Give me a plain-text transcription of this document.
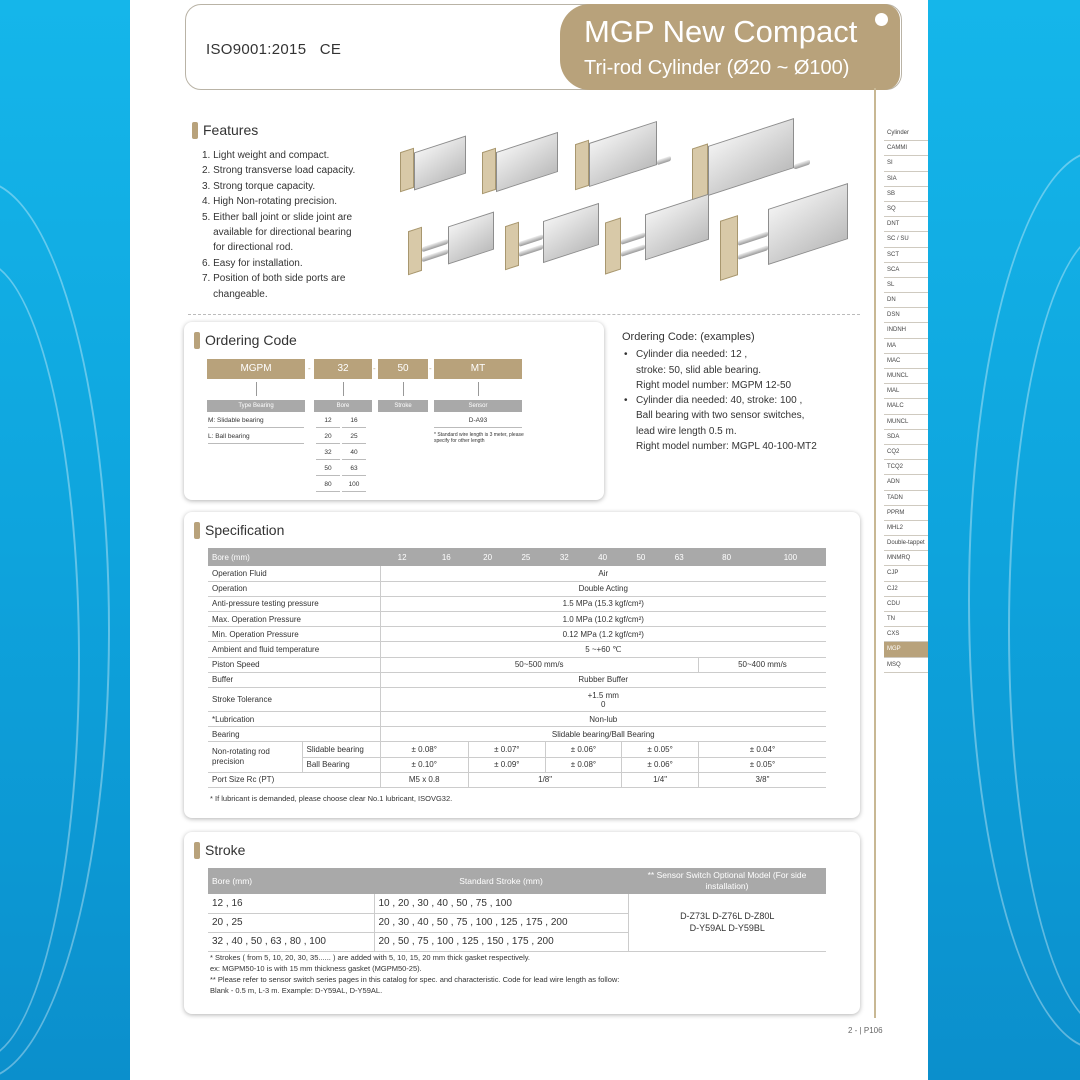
ISO9001:2015 CE
MGP New Compact
Tri-rod Cylinder (Ø20 ~ Ø100)
Cylinder
CAMMI
SI
SIA
SB
SQ
DNT
SC / SU
SCT
SCA
SL
DN
DSN
INDNH
MA
MAC
MUNCL
MAL
MALC
MUNCL
SDA
CQ2
TCQ2
ADN
TADN
PPRM
MHL2
Double-tappet
MNMRQ
CJP
CJ2
CDU
TN
CXS
MGP
MSQ
Features
1. Light weight and compact.
2. Strong transverse load capacity.
3. Strong torque capacity.
4. High Non-rotating precision.
5. Either ball joint or slide joint are
available for directional bearing
for directional rod.
6. Easy for installation.
7. Position of both side ports are
changeable.
Ordering Code
MGPM	32	50	MT
-	-	-
Type Bearing	Bore	Stroke	Sensor
M: Slidable bearing
L: Ball bearing
12	16
20	25
32	40
50	63
80	100
D-A93
* Standard wire length is 3 meter, please specify for other length
Ordering Code: (examples)
• Cylinder dia needed: 12 ,
stroke: 50, slid able bearing.
Right model number: MGPM 12-50
• Cylinder dia needed: 40, stroke: 100 ,
Ball bearing with two sensor switches,
lead wire length 0.5 m.
Right model number: MGPL 40-100-MT2
Specification
Bore (mm)		12	16	20	25	32	40	50	63	80	100
Operation Fluid		Air									
Operation		Double Acting									
Anti-pressure testing pressure		1.5 MPa (15.3 kgf/cm²)									
Max. Operation Pressure		1.0 MPa (10.2 kgf/cm²)									
Min. Operation Pressure		0.12 MPa (1.2 kgf/cm²)									
Ambient and fluid temperature		5 ~+60 ℃									
Piston Speed		50~500 mm/s								50~400 mm/s	
Buffer		Rubber Buffer									
Stroke Tolerance		+1.5 mm
0									

*Lubrication		Non-lub									
Bearing		Slidable bearing/Ball Bearing									
Non-rotating rod precision	Slidable bearing	± 0.08°		± 0.07°		± 0.06°		± 0.05°		± 0.04°	
	Ball Bearing	± 0.10°		± 0.09°		± 0.08°		± 0.06°		± 0.05°	
Port Size Rc (PT)		M5 x 0.8		1/8"				1/4"		3/8"	
* If lubricant is demanded, please choose clear No.1 lubricant, ISOVG32.
Stroke
Bore (mm)	Standard Stroke (mm)	** Sensor Switch Optional Model (For side installation)
12 , 16	10 , 20 , 30 , 40 , 50 , 75 , 100	D-Z73L D-Z76L D-Z80L
D-Y59AL D-Y59BL

20 , 25	20 , 30 , 40 , 50 , 75 , 100 , 125 , 175 , 200	
32 , 40 , 50 , 63 , 80 , 100	20 , 50 , 75 , 100 , 125 , 150 , 175 , 200	
* Strokes ( from 5, 10, 20, 30, 35...... ) are added with 5, 10, 15, 20 mm thick gasket respectively.
ex: MGPM50-10 is with 15 mm thickness gasket (MGPM50-25).
** Please refer to sensor switch series pages in this catalog for spec. and characteristic. Code for lead wire length as follow:
Blank - 0.5 m, L-3 m. Example: D-Y59AL, D-Y59AL.
2 - | P106
